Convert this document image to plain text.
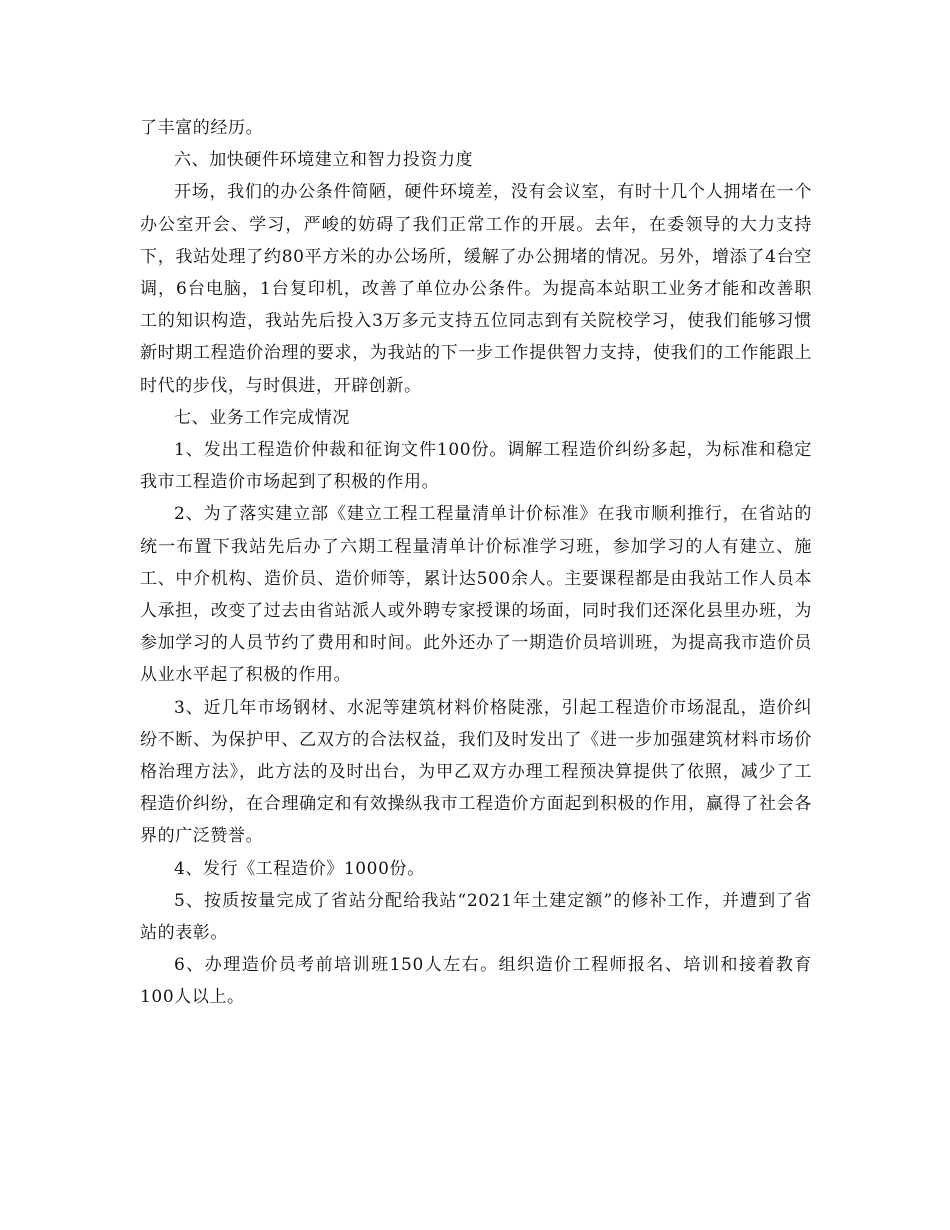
了丰富的经历。

六、加快硬件环境建立和智力投资力度

开场，我们的办公条件简陋，硬件环境差，没有会议室，有时十几个人拥堵在一个办公室开会、学习，严峻的妨碍了我们正常工作的开展。去年，在委领导的大力支持下，我站处理了约80平方米的办公场所，缓解了办公拥堵的情况。另外，增添了4台空调，6台电脑，1台复印机，改善了单位办公条件。为提高本站职工业务才能和改善职工的知识构造，我站先后投入3万多元支持五位同志到有关院校学习，使我们能够习惯新时期工程造价治理的要求，为我站的下一步工作提供智力支持，使我们的工作能跟上时代的步伐，与时俱进，开辟创新。

七、业务工作完成情况

1、发出工程造价仲裁和征询文件100份。调解工程造价纠纷多起，为标准和稳定我市工程造价市场起到了积极的作用。

2、为了落实建立部《建立工程工程量清单计价标准》在我市顺利推行，在省站的统一布置下我站先后办了六期工程量清单计价标准学习班，参加学习的人有建立、施工、中介机构、造价员、造价师等，累计达500余人。主要课程都是由我站工作人员本人承担，改变了过去由省站派人或外聘专家授课的场面，同时我们还深化县里办班，为参加学习的人员节约了费用和时间。此外还办了一期造价员培训班，为提高我市造价员从业水平起了积极的作用。

3、近几年市场钢材、水泥等建筑材料价格陡涨，引起工程造价市场混乱，造价纠纷不断、为保护甲、乙双方的合法权益，我们及时发出了《进一步加强建筑材料市场价格治理方法》，此方法的及时出台，为甲乙双方办理工程预决算提供了依照，减少了工程造价纠纷，在合理确定和有效操纵我市工程造价方面起到积极的作用，赢得了社会各界的广泛赞誉。

4、发行《工程造价》1000份。

5、按质按量完成了省站分配给我站“2021年土建定额”的修补工作，并遭到了省站的表彰。

6、办理造价员考前培训班150人左右。组织造价工程师报名、培训和接着教育100人以上。
